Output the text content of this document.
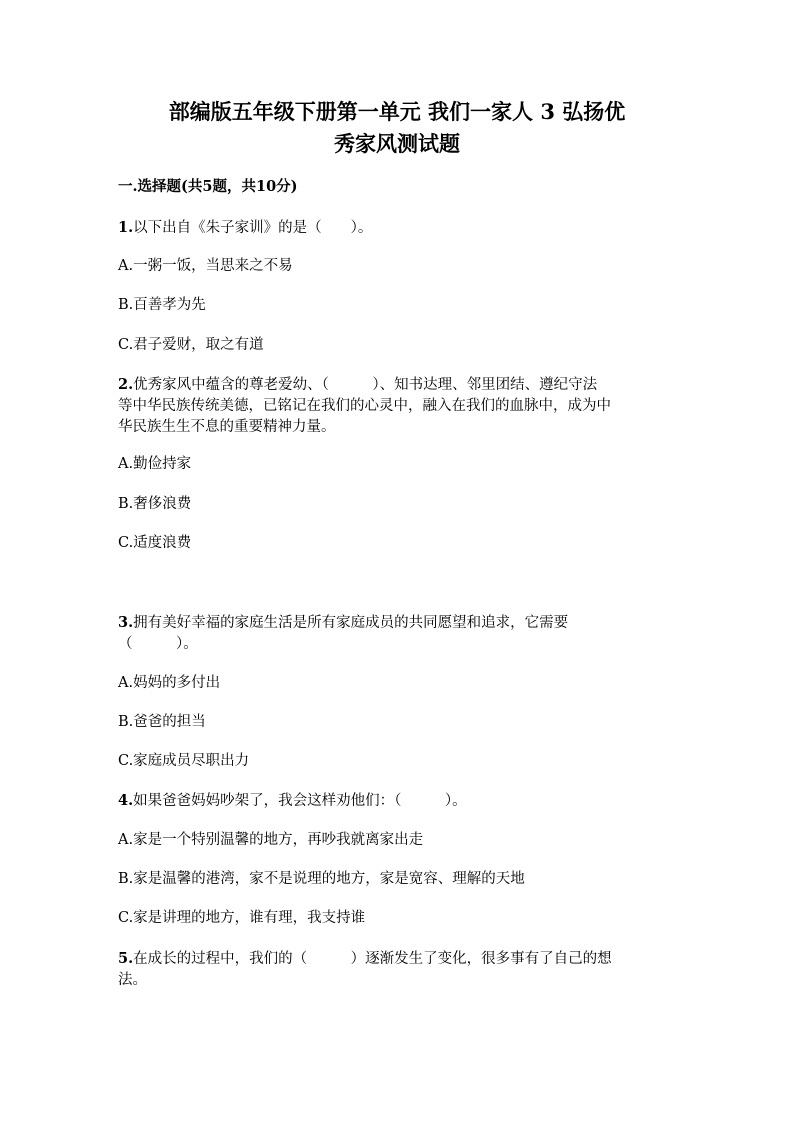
部编版五年级下册第一单元 我们一家人 3 弘扬优
秀家风测试题
一.选择题(共5题，共10分)

1.以下出自《朱子家训》的是（　　）。

A.一粥一饭，当思来之不易
B.百善孝为先
C.君子爱财，取之有道

2.优秀家风中蕴含的尊老爱幼、（　　　）、知书达理、邻里团结、遵纪守法

等中华民族传统美德，已铭记在我们的心灵中，融入在我们的血脉中，成为中

华民族生生不息的重要精神力量。

A.勤俭持家
B.奢侈浪费
C.适度浪费

3.拥有美好幸福的家庭生活是所有家庭成员的共同愿望和追求，它需要

（　　　）。

A.妈妈的多付出
B.爸爸的担当
C.家庭成员尽职出力

4.如果爸爸妈妈吵架了，我会这样劝他们：（　　　）。

A.家是一个特别温馨的地方，再吵我就离家出走
B.家是温馨的港湾，家不是说理的地方，家是宽容、理解的天地
C.家是讲理的地方，谁有理，我支持谁

5.在成长的过程中，我们的（　　　）逐渐发生了变化，很多事有了自己的想

法。
